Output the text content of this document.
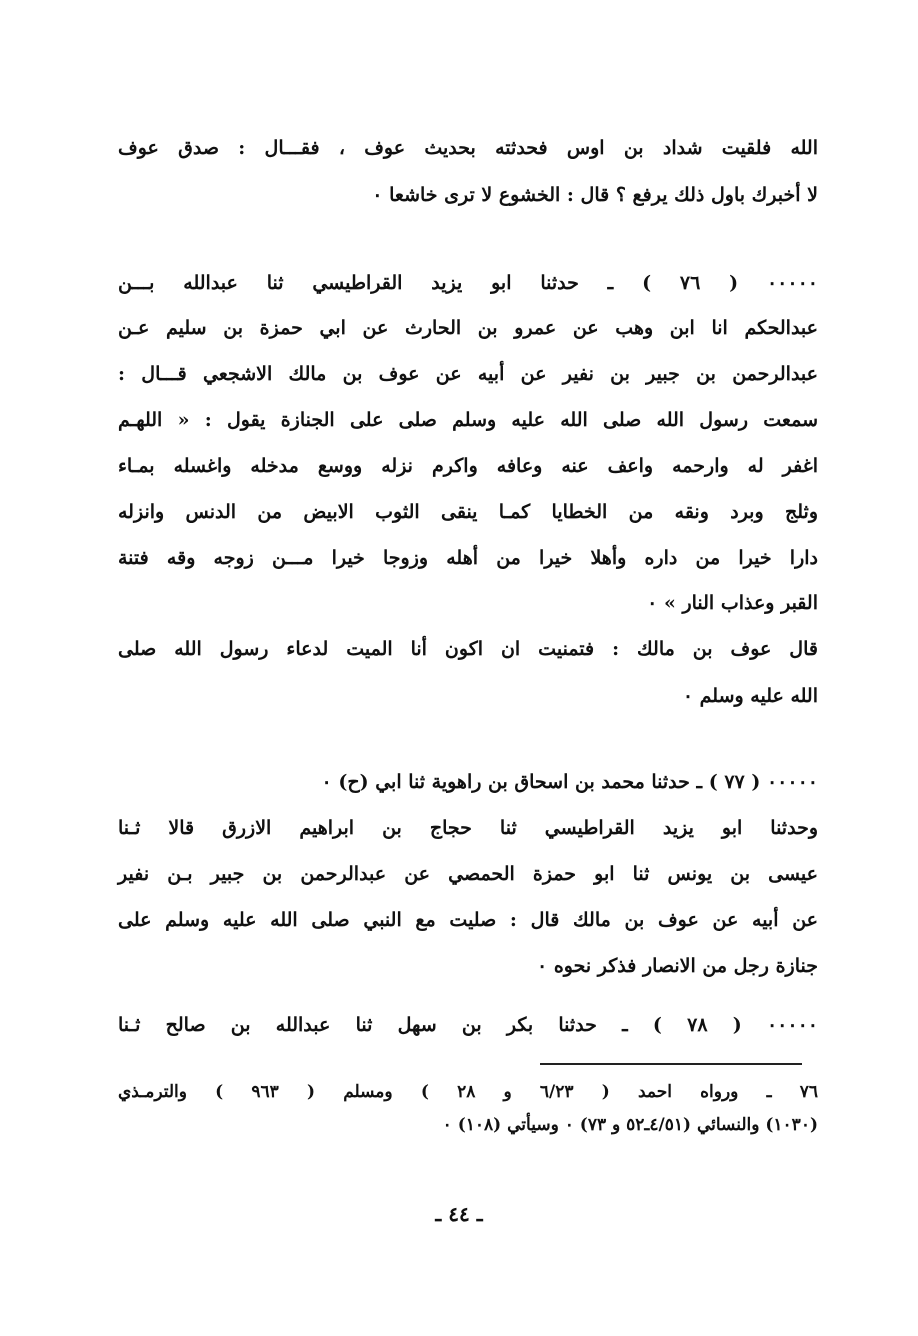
الله فلقيت شداد بن اوس فحدثته بحديث عوف ، فقـــال : صدق عوف
لا أخبرك باول ذلك يرفع ؟ قال : الخشوع لا ترى خاشعا ٠
٠٠٠٠٠ ( ٧٦ ) ـ حدثنا ابو يزيد القراطيسي ثنا عبدالله بـــن
عبدالحكم انا ابن وهب عن عمرو بن الحارث عن ابي حمزة بن سليم عـن
عبدالرحمن بن جبير بن نفير عن أبيه عن عوف بن مالك الاشجعي قـــال :
سمعت رسول الله صلى الله عليه وسلم صلى على الجنازة يقول : « اللهـم
اغفر له وارحمه واعف عنه وعافه واكرم نزله ووسع مدخله واغسله بمـاء
وثلج وبرد ونقه من الخطايا كمـا ينقى الثوب الابيض من الدنس وانزله
دارا خيرا من داره وأهلا خيرا من أهله وزوجا خيرا مـــن زوجه وقه فتنة
القبر وعذاب النار » ٠
قال عوف بن مالك : فتمنيت ان اكون أنا الميت لدعاء رسول الله صلى
الله عليه وسلم ٠
٠٠٠٠٠ ( ٧٧ ) ـ حدثنا محمد بن اسحاق بن راهوية ثنا ابي (ح) ٠
وحدثنا ابو يزيد القراطيسي ثنا حجاج بن ابراهيم الازرق قالا ثـنا
عيسى بن يونس ثنا ابو حمزة الحمصي عن عبدالرحمن بن جبير بـن نفير
عن أبيه عن عوف بن مالك قال : صليت مع النبي صلى الله عليه وسلم على
جنازة رجل من الانصار فذكر نحوه ٠
٠٠٠٠٠ ( ٧٨ ) ـ حدثنا بكر بن سهل ثنا عبدالله بن صالح ثـنا
٧٦ ـ ورواه احمد ( ٦/٢٣ و ٢٨ ) ومسلم ( ٩٦٣ ) والترمـذي
(١٠٣٠) والنسائي (٤/٥١ـ٥٢ و ٧٣) ٠ وسيأتي (١٠٨) ٠
ـ ٤٤ ـ
